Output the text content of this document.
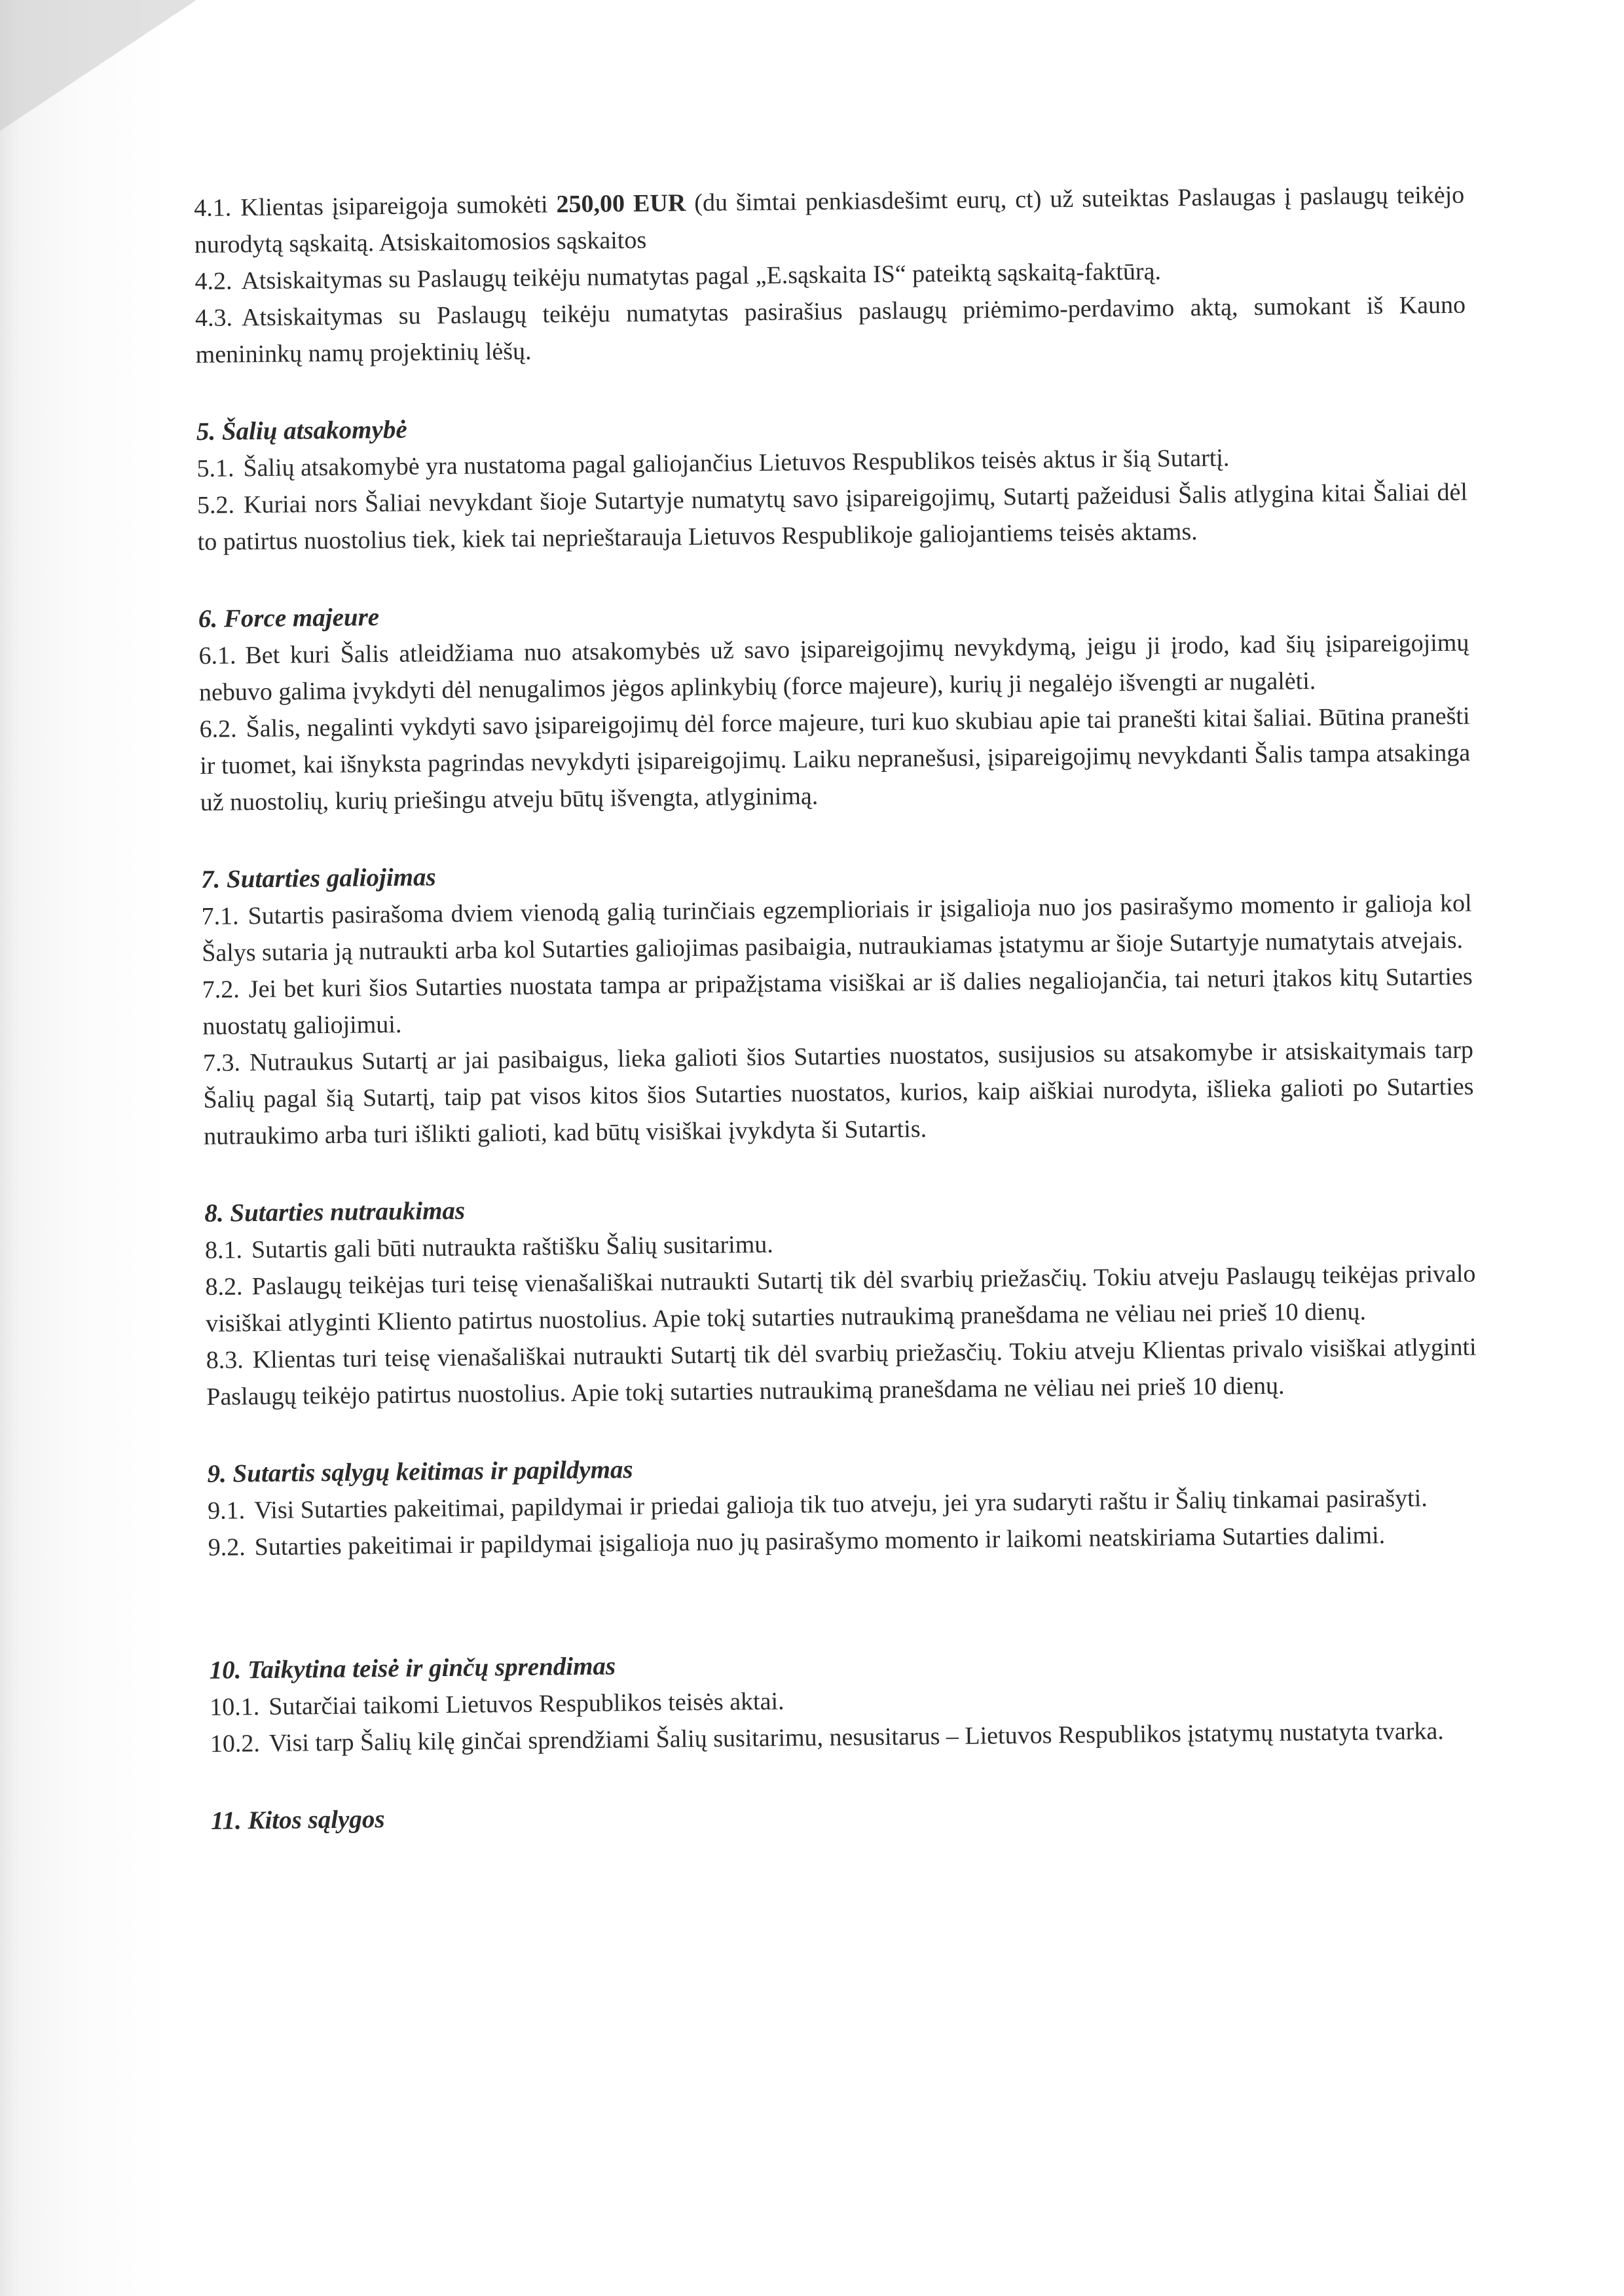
4.1. Klientas įsipareigoja sumokėti 250,00 EUR (du šimtai penkiasdešimt eurų, ct) už suteiktas Paslaugas į paslaugų teikėjo nurodytą sąskaitą. Atsiskaitomosios sąskaitos

4.2. Atsiskaitymas su Paslaugų teikėju numatytas pagal „E.sąskaita IS“ pateiktą sąskaitą-faktūrą.

4.3. Atsiskaitymas su Paslaugų teikėju numatytas pasirašius paslaugų priėmimo-perdavimo aktą, sumokant iš Kauno menininkų namų projektinių lėšų.

5. Šalių atsakomybė

5.1. Šalių atsakomybė yra nustatoma pagal galiojančius Lietuvos Respublikos teisės aktus ir šią Sutartį.

5.2. Kuriai nors Šaliai nevykdant šioje Sutartyje numatytų savo įsipareigojimų, Sutartį pažeidusi Šalis atlygina kitai Šaliai dėl to patirtus nuostolius tiek, kiek tai neprieštarauja Lietuvos Respublikoje galiojantiems teisės aktams.

6. Force majeure

6.1. Bet kuri Šalis atleidžiama nuo atsakomybės už savo įsipareigojimų nevykdymą, jeigu ji įrodo, kad šių įsipareigojimų nebuvo galima įvykdyti dėl nenugalimos jėgos aplinkybių (force majeure), kurių ji negalėjo išvengti ar nugalėti.

6.2. Šalis, negalinti vykdyti savo įsipareigojimų dėl force majeure, turi kuo skubiau apie tai pranešti kitai šaliai. Būtina pranešti ir tuomet, kai išnyksta pagrindas nevykdyti įsipareigojimų. Laiku nepranešusi, įsipareigojimų nevykdanti Šalis tampa atsakinga už nuostolių, kurių priešingu atveju būtų išvengta, atlyginimą.

7. Sutarties galiojimas

7.1. Sutartis pasirašoma dviem vienodą galią turinčiais egzemplioriais ir įsigalioja nuo jos pasirašymo momento ir galioja kol Šalys sutaria ją nutraukti arba kol Sutarties galiojimas pasibaigia, nutraukiamas įstatymu ar šioje Sutartyje numatytais atvejais.

7.2. Jei bet kuri šios Sutarties nuostata tampa ar pripažįstama visiškai ar iš dalies negaliojančia, tai neturi įtakos kitų Sutarties nuostatų galiojimui.

7.3. Nutraukus Sutartį ar jai pasibaigus, lieka galioti šios Sutarties nuostatos, susijusios su atsakomybe ir atsiskaitymais tarp Šalių pagal šią Sutartį, taip pat visos kitos šios Sutarties nuostatos, kurios, kaip aiškiai nurodyta, išlieka galioti po Sutarties nutraukimo arba turi išlikti galioti, kad būtų visiškai įvykdyta ši Sutartis.

8. Sutarties nutraukimas

8.1. Sutartis gali būti nutraukta raštišku Šalių susitarimu.

8.2. Paslaugų teikėjas turi teisę vienašališkai nutraukti Sutartį tik dėl svarbių priežasčių. Tokiu atveju Paslaugų teikėjas privalo visiškai atlyginti Kliento patirtus nuostolius. Apie tokį sutarties nutraukimą pranešdama ne vėliau nei prieš 10 dienų.

8.3. Klientas turi teisę vienašališkai nutraukti Sutartį tik dėl svarbių priežasčių. Tokiu atveju Klientas privalo visiškai atlyginti Paslaugų teikėjo patirtus nuostolius. Apie tokį sutarties nutraukimą pranešdama ne vėliau nei prieš 10 dienų.

9. Sutartis sąlygų keitimas ir papildymas

9.1. Visi Sutarties pakeitimai, papildymai ir priedai galioja tik tuo atveju, jei yra sudaryti raštu ir Šalių tinkamai pasirašyti.

9.2. Sutarties pakeitimai ir papildymai įsigalioja nuo jų pasirašymo momento ir laikomi neatskiriama Sutarties dalimi.

10. Taikytina teisė ir ginčų sprendimas

10.1. Sutarčiai taikomi Lietuvos Respublikos teisės aktai.

10.2. Visi tarp Šalių kilę ginčai sprendžiami Šalių susitarimu, nesusitarus – Lietuvos Respublikos įstatymų nustatyta tvarka.

11. Kitos sąlygos
